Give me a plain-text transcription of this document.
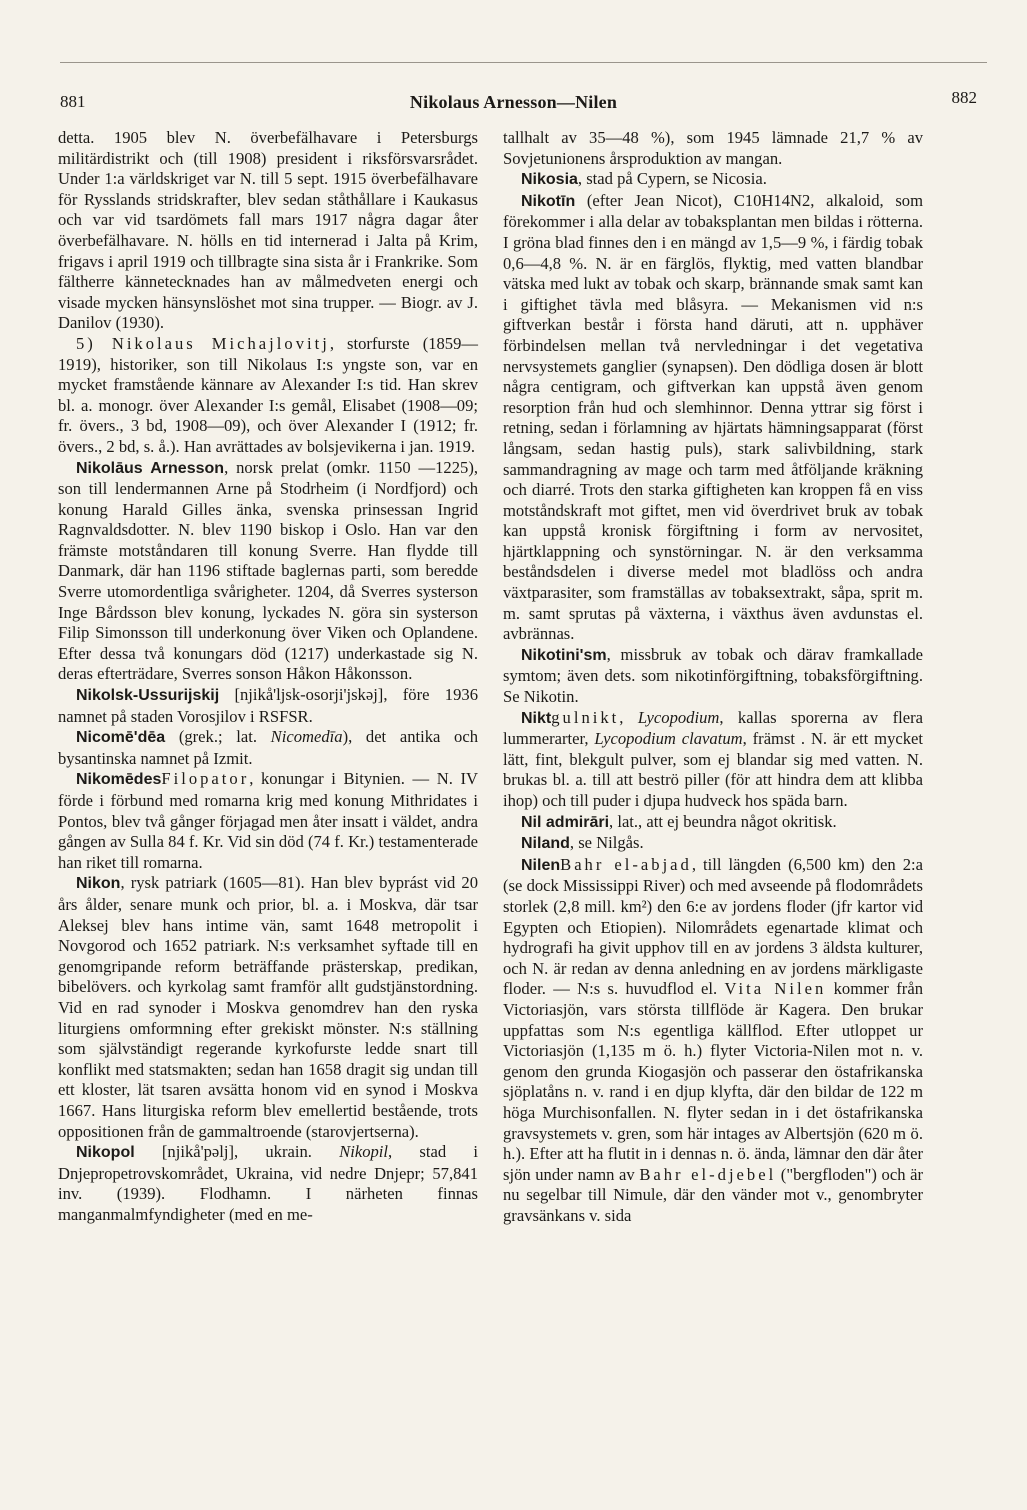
881	Nikolaus Arnesson—Nilen	882

detta. 1905 blev N. överbefälhavare i Petersburgs militärdistrikt och (till 1908) president i riksförsvarsrådet. Under 1:a världskriget var N. till 5 sept. 1915 överbefälhavare för Rysslands stridskrafter, blev sedan ståthållare i Kaukasus och var vid tsardömets fall mars 1917 några dagar åter överbefälhavare. N. hölls en tid internerad i Jalta på Krim, frigavs i april 1919 och tillbragte sina sista år i Frankrike. Som fältherre kännetecknades han av målmedveten energi och visade mycken hänsynslöshet mot sina trupper. — Biogr. av J. Danilov (1930).

5) Nikolaus Michajlovitj, storfurste (1859—1919), historiker, son till Nikolaus I:s yngste son, var en mycket framstående kännare av Alexander I:s tid. Han skrev bl. a. monogr. över Alexander I:s gemål, Elisabet (1908—09; fr. övers., 3 bd, 1908—09), och över Alexander I (1912; fr. övers., 2 bd, s. å.). Han avrättades av bolsjevikerna i jan. 1919.

Nikolāus Arnesson, norsk prelat (omkr. 1150 —1225), son till lendermannen Arne på Stodrheim (i Nordfjord) och konung Harald Gilles änka, svenska prinsessan Ingrid Ragnvaldsdotter. N. blev 1190 biskop i Oslo. Han var den främste motståndaren till konung Sverre. Han flydde till Danmark, där han 1196 stiftade baglernas parti, som beredde Sverre utomordentliga svårigheter. 1204, då Sverres systerson Inge Bårdsson blev konung, lyckades N. göra sin systerson Filip Simonsson till underkonung över Viken och Oplandene. Efter dessa två konungars död (1217) underkastade sig N. deras efterträdare, Sverres sonson Håkon Håkonsson.

Nikolsk-Ussurijskij [njikå'ljsk-osorji'jskəj], före 1936 namnet på staden Vorosjilov i RSFSR.

Nicomē'dēa (grek.; lat. Nicomedīa), det antika och bysantinska namnet på Izmit.

NikomēdesFilopator, konungar i Bitynien. — N. IV förde i förbund med romarna krig med konung Mithridates i Pontos, blev två gånger förjagad men åter insatt i väldet, andra gången av Sulla 84 f. Kr. Vid sin död (74 f. Kr.) testamenterade han riket till romarna.

Nikon, rysk patriark (1605—81). Han blev byprást vid 20 års ålder, senare munk och prior, bl. a. i Moskva, där tsar Aleksej blev hans intime vän, samt 1648 metropolit i Novgorod och 1652 patriark. N:s verksamhet syftade till en genomgripande reform beträffande prästerskap, predikan, bibelövers. och kyrkolag samt framför allt gudstjänstordning. Vid en rad synoder i Moskva genomdrev han den ryska liturgiens omformning efter grekiskt mönster. N:s ställning som självständigt regerande kyrkofurste ledde snart till konflikt med statsmakten; sedan han 1658 dragit sig undan till ett kloster, lät tsaren avsätta honom vid en synod i Moskva 1667. Hans liturgiska reform blev emellertid bestående, trots oppositionen från de gammaltroende (starovjertserna).

Nikopol [njikå'pəlj], ukrain. Nikopil, stad i Dnjepropetrovskområdet, Ukraina, vid nedre Dnjepr; 57,841 inv. (1939). Flodhamn. I närheten finnas manganmalmfyndigheter (med en me-

tallhalt av 35—48 %), som 1945 lämnade 21,7 % av Sovjetunionens årsproduktion av mangan.

Nikosia, stad på Cypern, se Nicosia.

Nikotīn (efter Jean Nicot), C10H14N2, alkaloid, som förekommer i alla delar av tobaksplantan men bildas i rötterna. I gröna blad finnes den i en mängd av 1,5—9 %, i färdig tobak 0,6—4,8 %. N. är en färglös, flyktig, med vatten blandbar vätska med lukt av tobak och skarp, brännande smak samt kan i giftighet tävla med blåsyra. — Mekanismen vid n:s giftverkan består i första hand däruti, att n. upphäver förbindelsen mellan två nervledningar i det vegetativa nervsystemets ganglier (synapsen). Den dödliga dosen är blott några centigram, och giftverkan kan uppstå även genom resorption från hud och slemhinnor. Denna yttrar sig först i retning, sedan i förlamning av hjärtats hämningsapparat (först långsam, sedan hastig puls), stark salivbildning, stark sammandragning av mage och tarm med åtföljande kräkning och diarré. Trots den starka giftigheten kan kroppen få en viss motståndskraft mot giftet, men vid överdrivet bruk av tobak kan uppstå kronisk förgiftning i form av nervositet, hjärtklappning och synstörningar. N. är den verksamma beståndsdelen i diverse medel mot bladlöss och andra växtparasiter, som framställas av tobaksextrakt, såpa, sprit m. m. samt sprutas på växterna, i växthus även avdunstas el. avbrännas.

Nikotini'sm, missbruk av tobak och därav framkallade symtom; även dets. som nikotinförgiftning, tobaksförgiftning. Se Nikotin.

Niktgulnikt, Lycopodium, kallas sporerna av flera lummerarter, Lycopodium clavatum, främst . N. är ett mycket lätt, fint, blekgult pulver, som ej blandar sig med vatten. N. brukas bl. a. till att beströ piller (för att hindra dem att klibba ihop) och till puder i djupa hudveck hos späda barn.

Nil admirāri, lat., att ej beundra något okritisk.

Niland, se Nilgås.

NilenBahr el-abjad, till längden (6,500 km) den 2:a (se dock Mississippi River) och med avseende på flodområdets storlek (2,8 mill. km²) den 6:e av jordens floder (jfr kartor vid Egypten och Etiopien). Nilområdets egenartade klimat och hydrografi ha givit upphov till en av jordens 3 äldsta kulturer, och N. är redan av denna anledning en av jordens märkligaste floder. — N:s s. huvudflod el. Vita Nilen kommer från Victoriasjön, vars största tillflöde är Kagera. Den brukar uppfattas som N:s egentliga källflod. Efter utloppet ur Victoriasjön (1,135 m ö. h.) flyter Victoria-Nilen mot n. v. genom den grunda Kiogasjön och passerar den östafrikanska sjöplatåns n. v. rand i en djup klyfta, där den bildar de 122 m höga Murchisonfallen. N. flyter sedan in i det östafrikanska gravsystemets v. gren, som här intages av Albertsjön (620 m ö. h.). Efter att ha flutit in i dennas n. ö. ända, lämnar den där åter sjön under namn av Bahr el-djebel ("bergfloden") och är nu segelbar till Nimule, där den vänder mot v., genombryter gravsänkans v. sida
